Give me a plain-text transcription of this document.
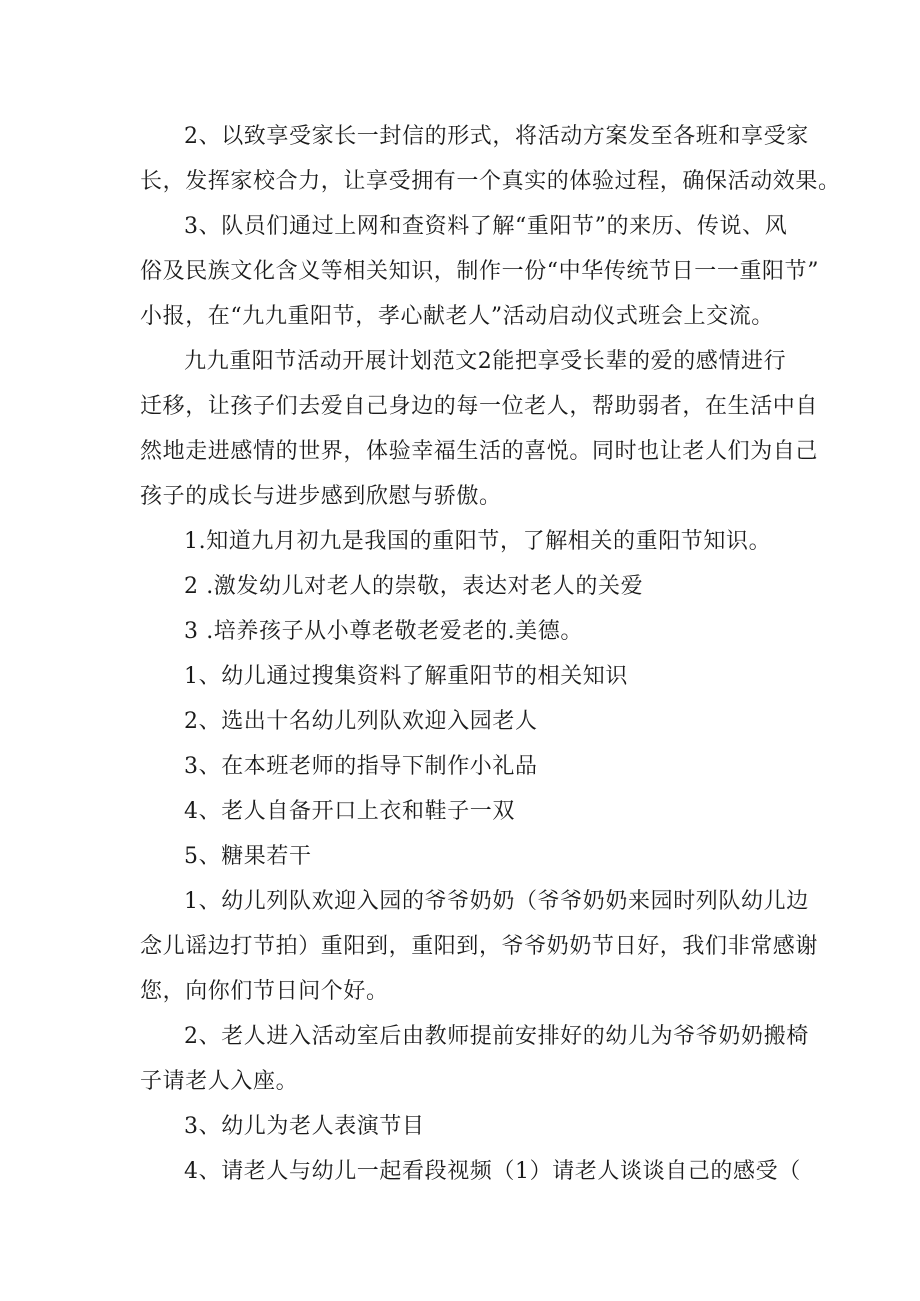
2、以致享受家长一封信的形式，将活动方案发至各班和享受家
长，发挥家校合力，让享受拥有一个真实的体验过程，确保活动效果。
3、队员们通过上网和查资料了解“重阳节”的来历、传说、风
俗及民族文化含义等相关知识，制作一份“中华传统节日一一重阳节”
小报，在“九九重阳节，孝心献老人”活动启动仪式班会上交流。
九九重阳节活动开展计划范文2能把享受长辈的爱的感情进行
迁移，让孩子们去爱自己身边的每一位老人，帮助弱者，在生活中自
然地走进感情的世界，体验幸福生活的喜悦。同时也让老人们为自己
孩子的成长与进步感到欣慰与骄傲。
1.知道九月初九是我国的重阳节，了解相关的重阳节知识。
2 .激发幼儿对老人的崇敬，表达对老人的关爱
3 .培养孩子从小尊老敬老爱老的.美德。
1、幼儿通过搜集资料了解重阳节的相关知识
2、选出十名幼儿列队欢迎入园老人
3、在本班老师的指导下制作小礼品
4、老人自备开口上衣和鞋子一双
5、糖果若干
1、幼儿列队欢迎入园的爷爷奶奶（爷爷奶奶来园时列队幼儿边
念儿谣边打节拍）重阳到，重阳到，爷爷奶奶节日好，我们非常感谢
您，向你们节日问个好。
2、老人进入活动室后由教师提前安排好的幼儿为爷爷奶奶搬椅
子请老人入座。
3、幼儿为老人表演节目
4、请老人与幼儿一起看段视频（1）请老人谈谈自己的感受（
